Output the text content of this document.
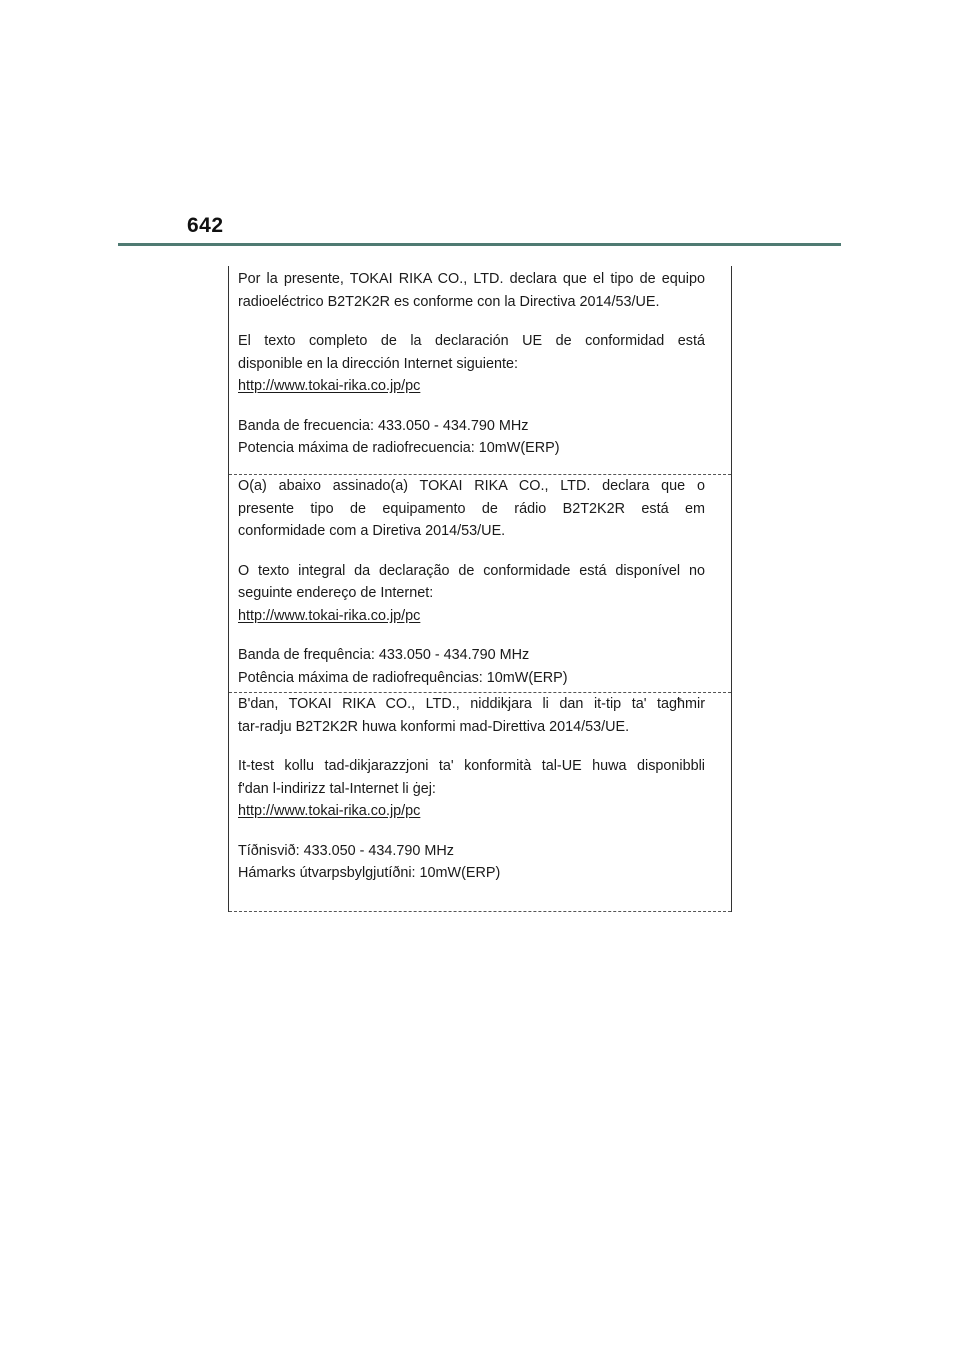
642
Por la presente, TOKAI RIKA CO., LTD. declara que el tipo de equipo
radioeléctrico B2T2K2R es conforme con la Directiva 2014/53/UE.
El texto completo de la declaración UE de conformidad está
disponible en la dirección Internet siguiente:
http://www.tokai-rika.co.jp/pc
Banda de frecuencia: 433.050 - 434.790 MHz
Potencia máxima de radiofrecuencia: 10mW(ERP)
O(a) abaixo assinado(a) TOKAI RIKA CO., LTD. declara que o
presente tipo de equipamento de rádio B2T2K2R está em
conformidade com a Diretiva 2014/53/UE.
O texto integral da declaração de conformidade está disponível no
seguinte endereço de Internet:
http://www.tokai-rika.co.jp/pc
Banda de frequência: 433.050 - 434.790 MHz
Potência máxima de radiofrequências: 10mW(ERP)
B'dan, TOKAI RIKA CO., LTD., niddikjara li dan it-tip ta' tagħmir
tar-radju B2T2K2R huwa konformi mad-Direttiva 2014/53/UE.
It-test kollu tad-dikjarazzjoni ta' konformità tal-UE huwa disponibbli
f'dan l-indirizz tal-Internet li ġej:
http://www.tokai-rika.co.jp/pc
Tíðnisvið: 433.050 - 434.790 MHz
Hámarks útvarpsbylgjutíðni: 10mW(ERP)
